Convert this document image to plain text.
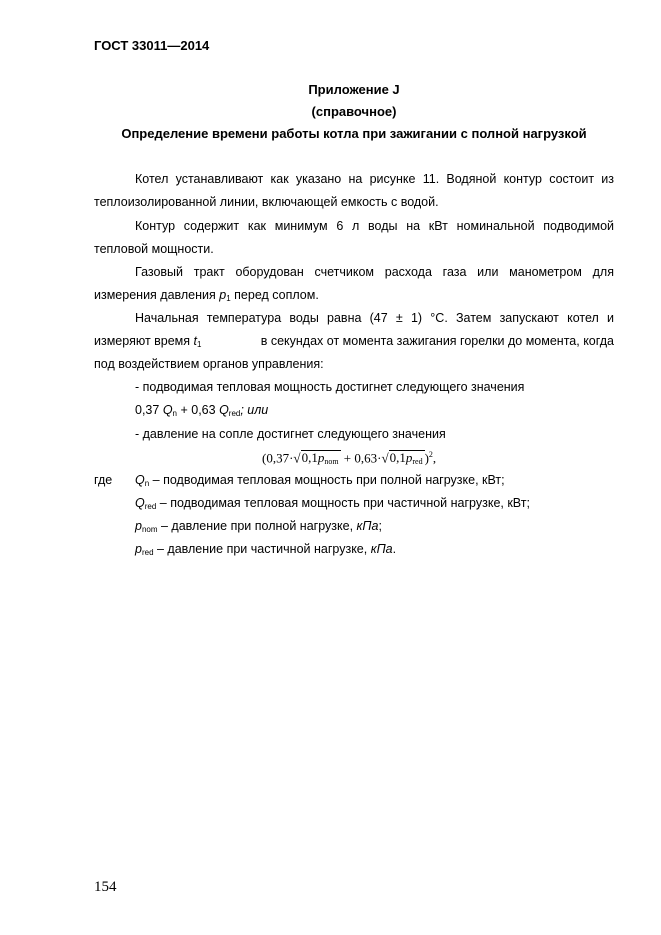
ГОСТ 33011—2014
Приложение J
(справочное)
Определение времени работы котла при зажигании с полной нагрузкой
Котел устанавливают как указано на рисунке 11. Водяной контур состоит из
теплоизолированной линии, включающей емкость с водой.
Контур содержит как минимум 6 л воды на кВт номинальной подводимой
тепловой мощности.
Газовый тракт оборудован счетчиком расхода газа или манометром для
измерения давления $p_1$ перед соплом.
Начальная температура воды равна (47 ± 1) °С. Затем запускают котел и
измеряют время $t_1$	в секундах от момента зажигания горелки до момента, когда
под воздействием органов управления:
- подводимая тепловая мощность достигнет следующего значения
0,37 $Q_n + 0,63$ $Q_{red}$; или
- давление на сопле достигнет следующего значения
($0,37\cdot√0,1p_{nom} + 0,63\cdot√0,1p_{red}$ )$^2$,
где $Q_n$ – подводимая тепловая мощность при полной нагрузке, кВт;
$Q_{red}$ – подводимая тепловая мощность при частичной нагрузке, кВт;
$p_{nom}$ – давление при полной нагрузке, кПа;
$p_{red}$ – давление при частичной нагрузке, кПа.
154
